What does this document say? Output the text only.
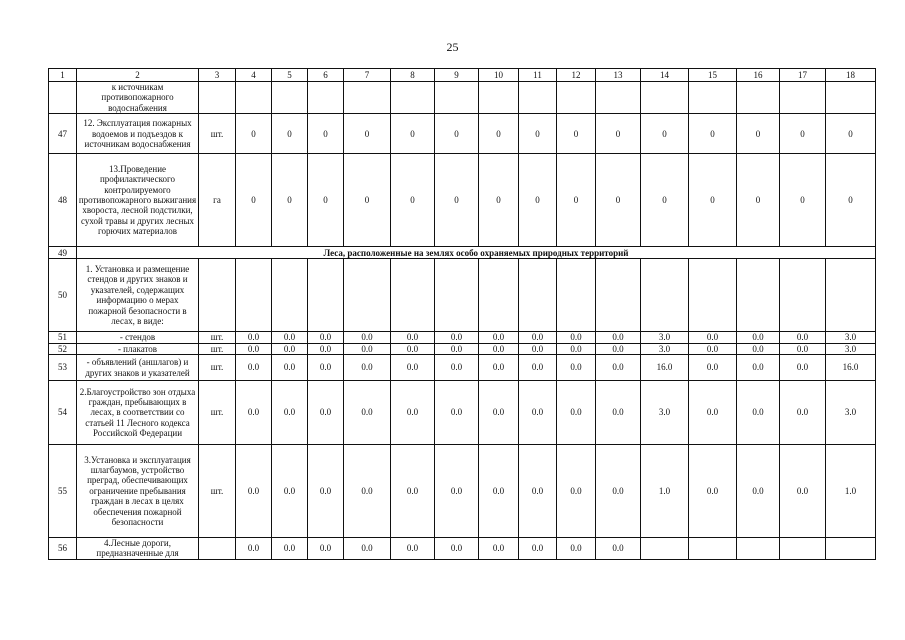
25
1	2	3	4	5	6	7	8	9	10	11	12	13	14	15	16	17	18
	к источникам противопожарного водоснабжения																
47	12. Эксплуатация пожарных водоемов и подъездов к источникам водоснабжения	шт.	0	0	0	0	0	0	0	0	0	0	0	0	0	0	0
48	13.Проведение профилактического контролируемого противопожарного выжигания хвороста, лесной подстилки, сухой травы и других лесных горючих материалов	га	0	0	0	0	0	0	0	0	0	0	0	0	0	0	0
49	Леса, расположенные на землях особо охраняемых природных территорий																
50	1. Установка и размещение стендов и других знаков и указателей, содержащих информацию о мерах пожарной безопасности в лесах, в виде:																
51	- стендов	шт.	0.0	0.0	0.0	0.0	0.0	0.0	0.0	0.0	0.0	0.0	3.0	0.0	0.0	0.0	3.0
52	- плакатов	шт.	0.0	0.0	0.0	0.0	0.0	0.0	0.0	0.0	0.0	0.0	3.0	0.0	0.0	0.0	3.0
53	- объявлений (аншлагов) и других знаков и указателей	шт.	0.0	0.0	0.0	0.0	0.0	0.0	0.0	0.0	0.0	0.0	16.0	0.0	0.0	0.0	16.0
54	2.Благоустройство зон отдыха граждан, пребывающих в лесах, в соответствии со статьей 11 Лесного кодекса Российской Федерации	шт.	0.0	0.0	0.0	0.0	0.0	0.0	0.0	0.0	0.0	0.0	3.0	0.0	0.0	0.0	3.0
55	3.Установка и эксплуатация шлагбаумов, устройство преград, обеспечивающих ограничение пребывания граждан в лесах в целях обеспечения пожарной безопасности	шт.	0.0	0.0	0.0	0.0	0.0	0.0	0.0	0.0	0.0	0.0	1.0	0.0	0.0	0.0	1.0
56	4.Лесные дороги, предназначенные для		0.0	0.0	0.0	0.0	0.0	0.0	0.0	0.0	0.0	0.0					
